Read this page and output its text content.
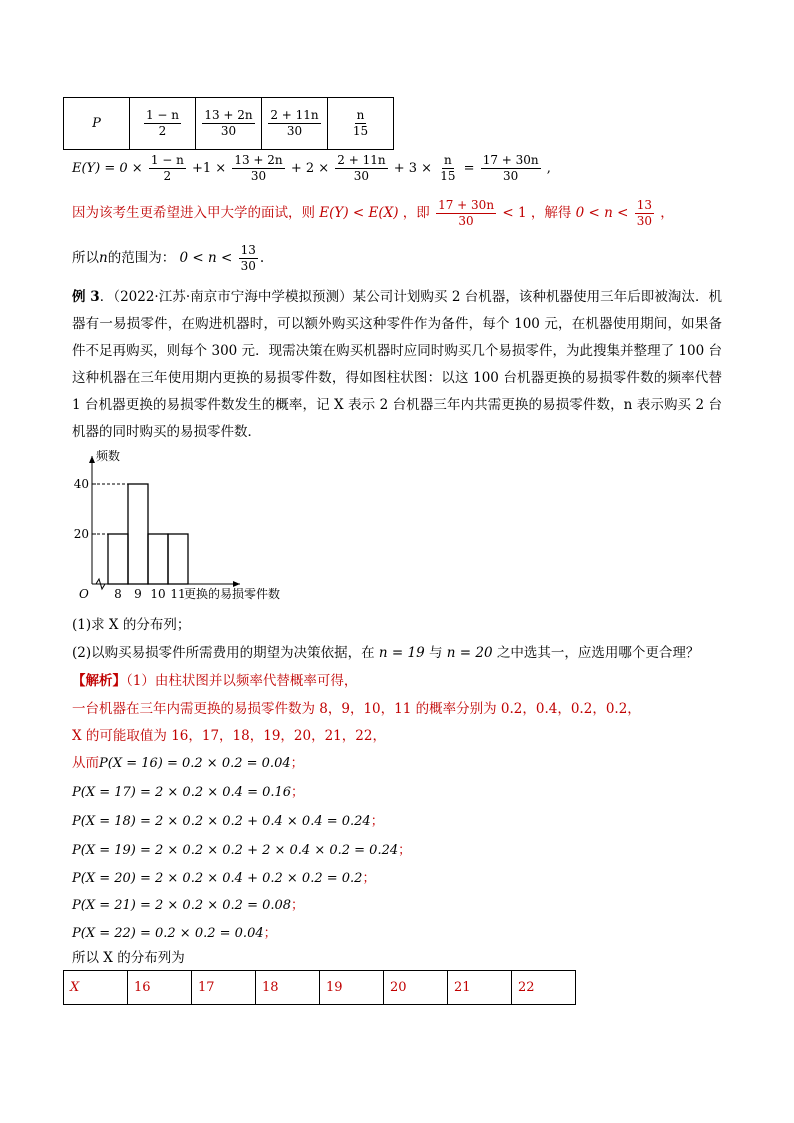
P	$\frac{1 - n}{2}$	$\frac{13 + 2n}{30}$	$\frac{2 + 11n}{30}$	$\frac{n}{15}$
$E(Y) = 0 \times \frac{1 - n}{2} +1 \times \frac{13 + 2n}{30} + 2 \times \frac{2 + 11n}{30} + 3 \times \frac{n}{15} = \frac{17 + 30n}{30}$ ,
因为该考生更希望进入甲大学的面试，则 E(Y) < E(X) ，即 $\frac{17 + 30n}{30} < 1$ ，解得 $0 < n < \frac{13}{30}$ ，
所以n的范围为： $0 < n < \frac{13}{30}$ .
例 3．（2022·江苏·南京市宁海中学模拟预测）某公司计划购买 2 台机器，该种机器使用三年后即被淘汰．机器有一易损零件，在购进机器时，可以额外购买这种零件作为备件，每个 100 元，在机器使用期间，如果备件不足再购买，则每个 300 元．现需决策在购买机器时应同时购买几个易损零件，为此搜集并整理了 100 台这种机器在三年使用期内更换的易损零件数，得如图柱状图：以这 100 台机器更换的易损零件数的频率代替 1 台机器更换的易损零件数发生的概率，记 X 表示 2 台机器三年内共需更换的易损零件数，n 表示购买 2 台机器的同时购买的易损零件数．
频数
O
20
40
8 9 10 11
更换的易损零件数
(1)求 X 的分布列；
(2)以购买易损零件所需费用的期望为决策依据，在 n = 19 与 n = 20 之中选其一，应选用哪个更合理？
【解析】（1）由柱状图并以频率代替概率可得，
一台机器在三年内需更换的易损零件数为 8，9，10，11 的概率分别为 0.2，0.4，0.2，0.2，
X 的可能取值为 16，17，18，19，20，21，22，
从而P(X = 16) = 0.2 × 0.2 = 0.04；
P(X = 17) = 2 × 0.2 × 0.4 = 0.16；
P(X = 18) = 2 × 0.2 × 0.2 + 0.4 × 0.4 = 0.24；
P(X = 19) = 2 × 0.2 × 0.2 + 2 × 0.4 × 0.2 = 0.24；
P(X = 20) = 2 × 0.2 × 0.4 + 0.2 × 0.2 = 0.2；
P(X = 21) = 2 × 0.2 × 0.2 = 0.08；
P(X = 22) = 0.2 × 0.2 = 0.04；
所以 X 的分布列为
X	16	17	18	19	20	21	22
